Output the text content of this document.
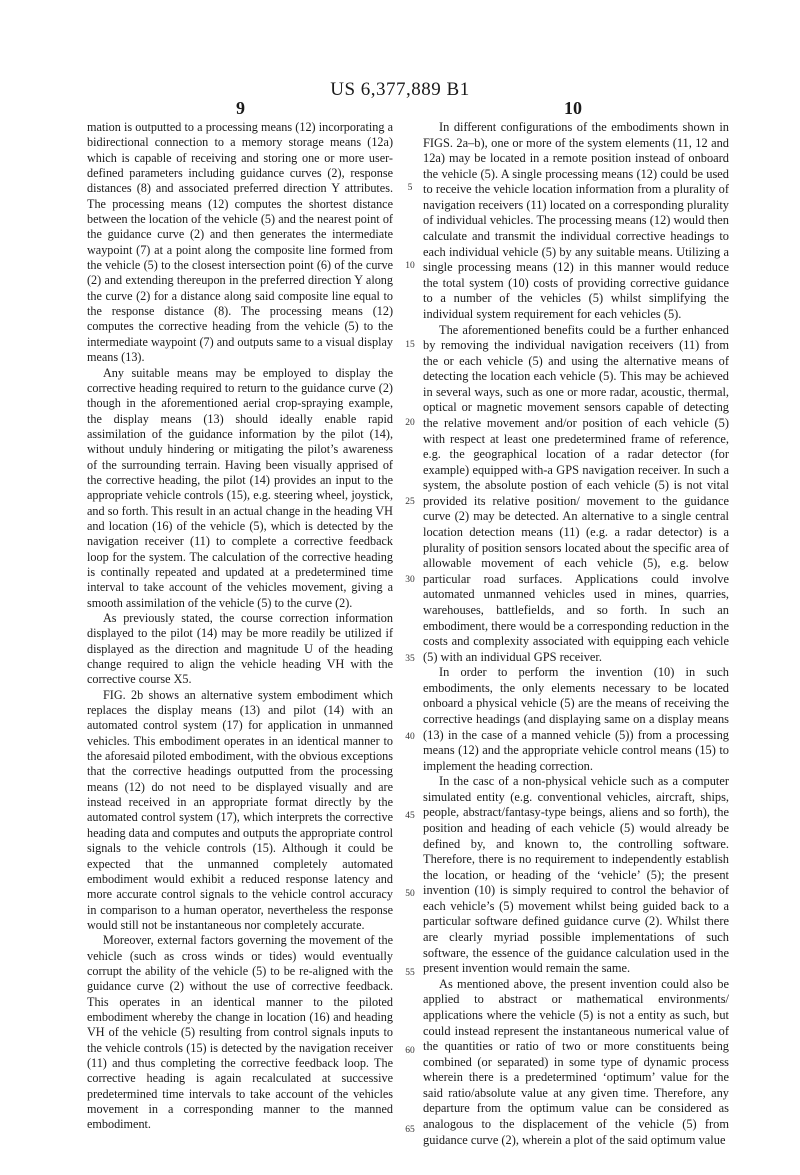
US 6,377,889 B1
9	10

mation is outputted to a processing means (12) incorporating a bidirectional connection to a memory storage means (12a) which is capable of receiving and storing one or more user-defined parameters including guidance curves (2), response distances (8) and associated preferred direction Y attributes. The processing means (12) computes the shortest distance between the location of the vehicle (5) and the nearest point of the guidance curve (2) and then generates the intermediate waypoint (7) at a point along the composite line formed from the vehicle (5) to the closest intersection point (6) of the curve (2) and extending thereupon in the preferred direction Y along the curve (2) for a distance along said composite line equal to the response distance (8). The processing means (12) computes the corrective heading from the vehicle (5) to the intermediate waypoint (7) and outputs same to a visual display means (13).

Any suitable means may be employed to display the corrective heading required to return to the guidance curve (2) though in the aforementioned aerial crop-spraying example, the display means (13) should ideally enable rapid assimilation of the guidance information by the pilot (14), without unduly hindering or mitigating the pilot’s awareness of the surrounding terrain. Having been visually apprised of the corrective heading, the pilot (14) provides an input to the appropriate vehicle controls (15), e.g. steering wheel, joystick, and so forth. This result in an actual change in the heading VH and location (16) of the vehicle (5), which is detected by the navigation receiver (11) to complete a corrective feedback loop for the system. The calculation of the corrective heading is continally repeated and updated at a predetermined time interval to take account of the vehicles movement, giving a smooth assimilation of the vehicle (5) to the curve (2).

As previously stated, the course correction information displayed to the pilot (14) may be more readily be utilized if displayed as the direction and magnitude U of the heading change required to align the vehicle heading VH with the corrective course X5.

FIG. 2b shows an alternative system embodiment which replaces the display means (13) and pilot (14) with an automated control system (17) for application in unmanned vehicles. This embodiment operates in an identical manner to the aforesaid piloted embodiment, with the obvious exceptions that the corrective headings outputted from the processing means (12) do not need to be displayed visually and are instead received in an appropriate format directly by the automated control system (17), which interprets the corrective heading data and computes and outputs the appropriate control signals to the vehicle controls (15). Although it could be expected that the unmanned completely automated embodiment would exhibit a reduced response latency and more accurate control signals to the vehicle control accuracy in comparison to a human operator, nevertheless the response would still not be instantaneous nor completely accurate.

Moreover, external factors governing the movement of the vehicle (such as cross winds or tides) would eventually corrupt the ability of the vehicle (5) to be re-aligned with the guidance curve (2) without the use of corrective feedback. This operates in an identical manner to the piloted embodiment whereby the change in location (16) and heading VH of the vehicle (5) resulting from control signals inputs to the vehicle controls (15) is detected by the navigation receiver (11) and thus completing the corrective feedback loop. The corrective heading is again recalculated at successive predetermined time intervals to take account of the vehicles movement in a corresponding manner to the manned embodiment.

5
10
15
20
25
30
35
40
45
50
55
60
65

In different configurations of the embodiments shown in FIGS. 2a–b), one or more of the system elements (11, 12 and 12a) may be located in a remote position instead of onboard the vehicle (5). A single processing means (12) could be used to receive the vehicle location information from a plurality of navigation receivers (11) located on a corresponding plurality of individual vehicles. The processing means (12) would then calculate and transmit the individual corrective headings to each individual vehicle (5) by any suitable means. Utilizing a single processing means (12) in this manner would reduce the total system (10) costs of providing corrective guidance to a number of the vehicles (5) whilst simplifying the individual system requirement for each vehicles (5).

The aforementioned benefits could be a further enhanced by removing the individual navigation receivers (11) from the or each vehicle (5) and using the alternative means of detecting the location each vehicle (5). This may be achieved in several ways, such as one or more radar, acoustic, thermal, optical or magnetic movement sensors capable of detecting the relative movement and/or position of each vehicle (5) with respect at least one predetermined frame of reference, e.g. the geographical location of a radar detector (for example) equipped with-a GPS navigation receiver. In such a system, the absolute postion of each vehicle (5) is not vital provided its relative position/ movement to the guidance curve (2) may be detected. An alternative to a single central location detection means (11) (e.g. a radar detector) is a plurality of position sensors located about the specific area of allowable movement of each vehicle (5), e.g. below particular road surfaces. Applications could involve automated unmanned vehicles used in mines, quarries, warehouses, battlefields, and so forth. In such an embodiment, there would be a corresponding reduction in the costs and complexity associated with equipping each vehicle (5) with an individual GPS receiver.

In order to perform the invention (10) in such embodiments, the only elements necessary to be located onboard a physical vehicle (5) are the means of receiving the corrective headings (and displaying same on a display means (13) in the case of a manned vehicle (5)) from a processing means (12) and the appropriate vehicle control means (15) to implement the heading correction.

In the casc of a non-physical vehicle such as a computer simulated entity (e.g. conventional vehicles, aircraft, ships, people, abstract/fantasy-type beings, aliens and so forth), the position and heading of each vehicle (5) would already be defined by, and known to, the controlling software. Therefore, there is no requirement to independently establish the location, or heading of the ‘vehicle’ (5); the present invention (10) is simply required to control the behavior of each vehicle’s (5) movement whilst being guided back to a particular software defined guidance curve (2). Whilst there are clearly myriad possible implementations of such software, the essence of the guidance calculation used in the present invention would remain the same.

As mentioned above, the present invention could also be applied to abstract or mathematical environments/ applications where the vehicle (5) is not a entity as such, but could instead represent the instantaneous numerical value of the quantities or ratio of two or more constituents being combined (or separated) in some type of dynamic process wherein there is a predetermined ‘optimum’ value for the said ratio/absolute value at any given time. Therefore, any departure from the optimum value can be considered as analogous to the displacement of the vehicle (5) from guidance curve (2), wherein a plot of the said optimum value
